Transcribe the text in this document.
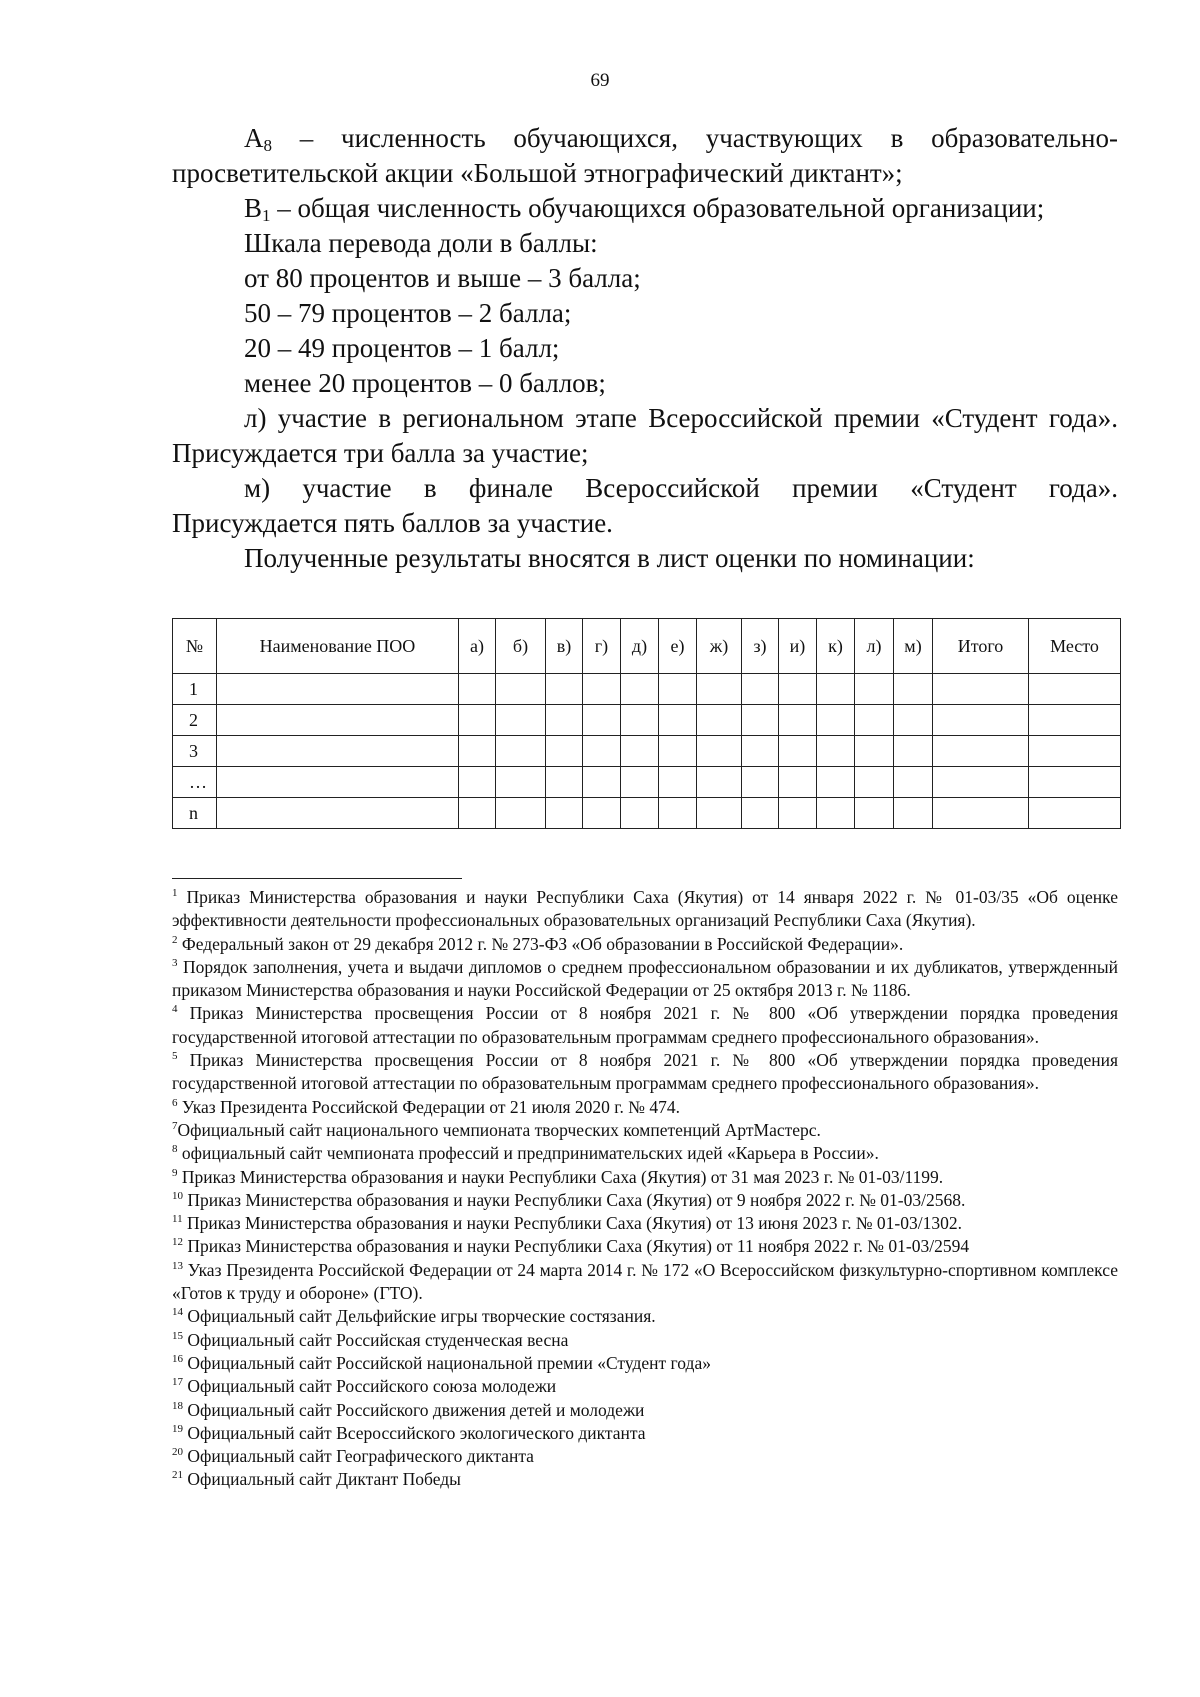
69

$А_8$ – численность обучающихся, участвующих в образовательно-просветительской акции «Большой этнографический диктант»;

$В_1$ – общая численность обучающихся образовательной организации;

Шкала перевода доли в баллы:

от 80 процентов и выше – 3 балла;

50 – 79 процентов – 2 балла;

20 – 49 процентов – 1 балл;

менее 20 процентов – 0 баллов;

л) участие в региональном этапе Всероссийской премии «Студент года».

Присуждается три балла за участие;

м) участие в финале Всероссийской премии «Студент года».

Присуждается пять баллов за участие.

Полученные результаты вносятся в лист оценки по номинации:

№	Наименование ПОО	а)	б)	в)	г)	д)	е)	ж)	з)	и)	к)	л)	м)	Итого	Место
1															
2															
3															
…															
n															

$^1$ Приказ Министерства образования и науки Республики Саха (Якутия) от 14 января 2022 г. № 01-03/35 «Об оценке эффективности деятельности профессиональных образовательных организаций Республики Саха (Якутия).

$^2$ Федеральный закон от 29 декабря 2012 г. № 273-ФЗ «Об образовании в Российской Федерации».

$^3$ Порядок заполнения, учета и выдачи дипломов о среднем профессиональном образовании и их дубликатов, утвержденный приказом Министерства образования и науки Российской Федерации от 25 октября 2013 г. № 1186.

$^4$ Приказ Министерства просвещения России от 8 ноября 2021 г. № 800 «Об утверждении порядка проведения государственной итоговой аттестации по образовательным программам среднего профессионального образования».

$^5$ Приказ Министерства просвещения России от 8 ноября 2021 г. № 800 «Об утверждении порядка проведения государственной итоговой аттестации по образовательным программам среднего профессионального образования».

$^6$ Указ Президента Российской Федерации от 21 июля 2020 г. № 474.

$^7$Официальный сайт национального чемпионата творческих компетенций АртМастерс.

$^8$ официальный сайт чемпионата профессий и предпринимательских идей «Карьера в России».

$^9$ Приказ Министерства образования и науки Республики Саха (Якутия) от 31 мая 2023 г. № 01-03/1199.

$^{10}$ Приказ Министерства образования и науки Республики Саха (Якутия) от 9 ноября 2022 г. № 01-03/2568.

$^{11}$ Приказ Министерства образования и науки Республики Саха (Якутия) от 13 июня 2023 г. № 01-03/1302.

$^{12}$ Приказ Министерства образования и науки Республики Саха (Якутия) от 11 ноября 2022 г. № 01-03/2594

$^{13}$ Указ Президента Российской Федерации от 24 марта 2014 г. № 172 «О Всероссийском физкультурно-спортивном комплексе «Готов к труду и обороне» (ГТО).

$^{14}$ Официальный сайт Дельфийские игры творческие состязания.

$^{15}$ Официальный сайт Российская студенческая весна

$^{16}$ Официальный сайт Российской национальной премии «Студент года»

$^{17}$ Официальный сайт Российского союза молодежи

$^{18}$ Официальный сайт Российского движения детей и молодежи

$^{19}$ Официальный сайт Всероссийского экологического диктанта

$^{20}$ Официальный сайт Географического диктанта

$^{21}$ Официальный сайт Диктант Победы
